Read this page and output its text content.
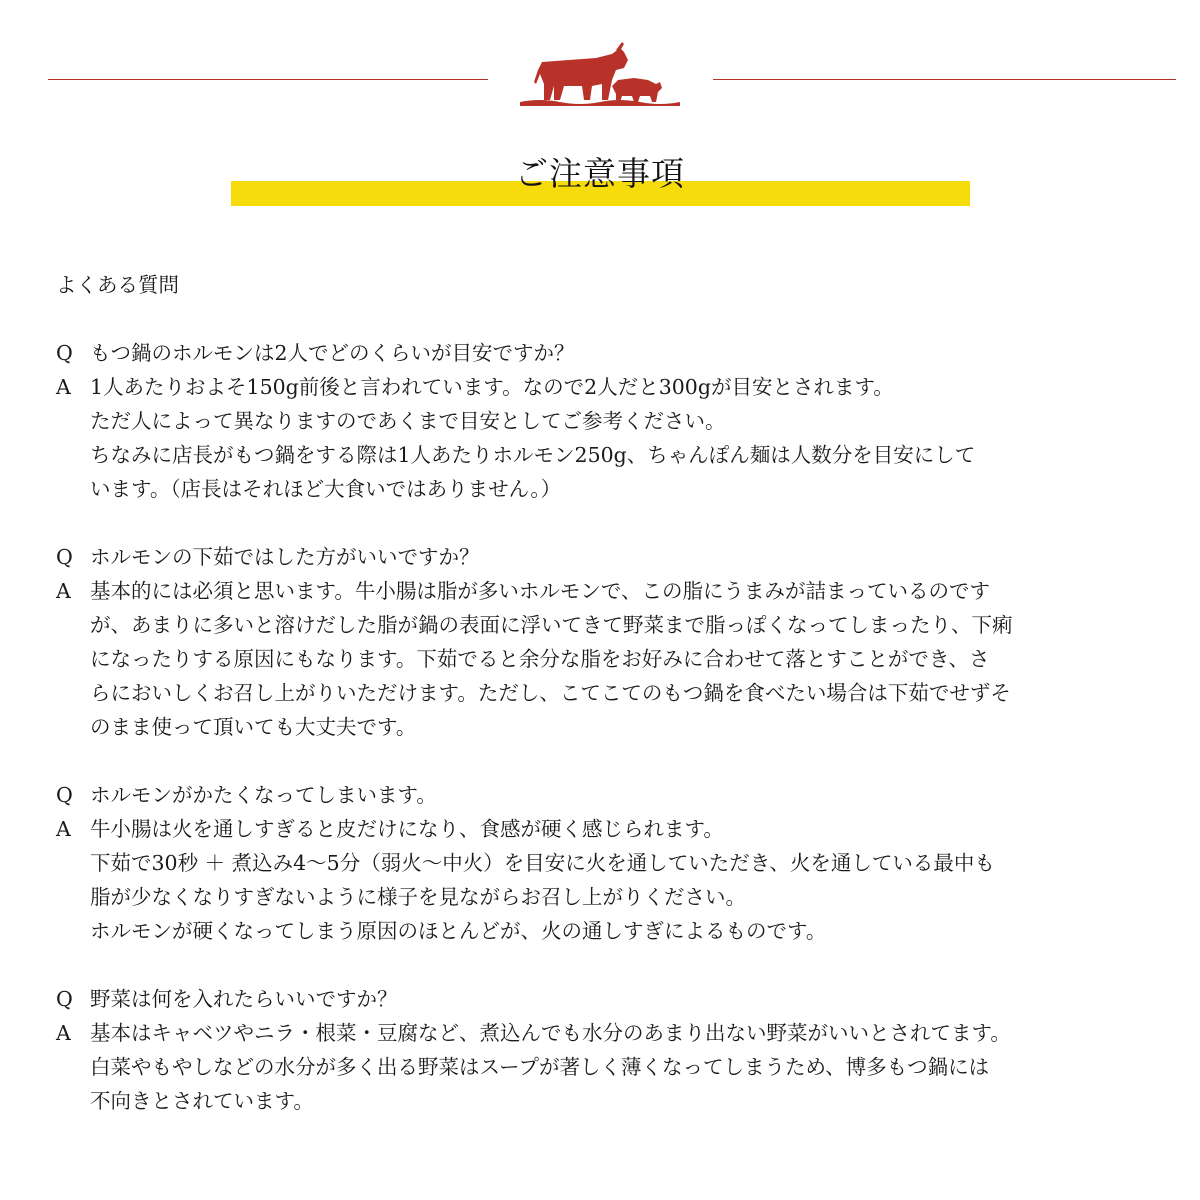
ご注意事項
よくある質問
Q もつ鍋のホルモンは2人でどのくらいが目安ですか？
A 1人あたりおよそ150g前後と言われています。なので2人だと300gが目安とされます。
ただ人によって異なりますのであくまで目安としてご参考ください。
ちなみに店長がもつ鍋をする際は1人あたりホルモン250g、ちゃんぽん麺は人数分を目安にして
います。（店長はそれほど大食いではありません。）
Q ホルモンの下茹ではした方がいいですか？
A 基本的には必須と思います。牛小腸は脂が多いホルモンで、この脂にうまみが詰まっているのです
が、あまりに多いと溶けだした脂が鍋の表面に浮いてきて野菜まで脂っぽくなってしまったり、下痢
になったりする原因にもなります。下茹でると余分な脂をお好みに合わせて落とすことができ、さ
らにおいしくお召し上がりいただけます。ただし、こてこてのもつ鍋を食べたい場合は下茹でせずそ
のまま使って頂いても大丈夫です。
Q ホルモンがかたくなってしまいます。
A 牛小腸は火を通しすぎると皮だけになり、食感が硬く感じられます。
下茹で30秒 ＋ 煮込み4～5分（弱火～中火）を目安に火を通していただき、火を通している最中も
脂が少なくなりすぎないように様子を見ながらお召し上がりください。
ホルモンが硬くなってしまう原因のほとんどが、火の通しすぎによるものです。
Q 野菜は何を入れたらいいですか？
A 基本はキャベツやニラ・根菜・豆腐など、煮込んでも水分のあまり出ない野菜がいいとされてます。
白菜やもやしなどの水分が多く出る野菜はスープが著しく薄くなってしまうため、博多もつ鍋には
不向きとされています。
